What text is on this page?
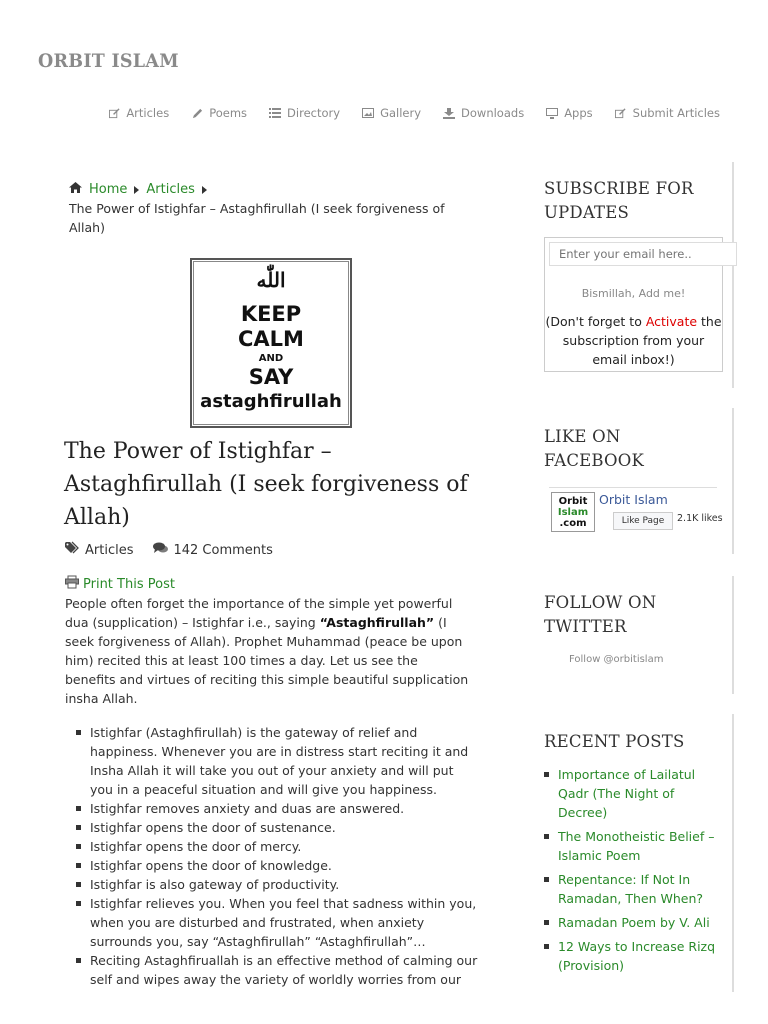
ORBIT ISLAM
Articles	Poems	Directory	Gallery	Downloads	Apps	Submit Articles
Home Articles
The Power of Istighfar – Astaghfirullah (I seek forgiveness of Allah)
اللّٰه
KEEP
CALM
AND
SAY
astaghfirullah
The Power of Istighfar – Astaghfirullah (I seek forgiveness of Allah)
Articles	142 Comments
Print This Post

People often forget the importance of the simple yet powerful dua (supplication) – Istighfar i.e., saying “Astaghfirullah” (I seek forgiveness of Allah). Prophet Muhammad (peace be upon him) recited this at least 100 times a day. Let us see the benefits and virtues of reciting this simple beautiful supplication insha Allah.

Istighfar (Astaghfirullah) is the gateway of relief and happiness. Whenever you are in distress start reciting it and Insha Allah it will take you out of your anxiety and will put you in a peaceful situation and will give you happiness.
Istighfar removes anxiety and duas are answered.
Istighfar opens the door of sustenance.
Istighfar opens the door of mercy.
Istighfar opens the door of knowledge.
Istighfar is also gateway of productivity.
Istighfar relieves you. When you feel that sadness within you, when you are disturbed and frustrated, when anxiety surrounds you, say “Astaghfirullah” “Astaghfirullah”…
Reciting Astaghfiruallah is an effective method of calming our self and wipes away the variety of worldly worries from our
SUBSCRIBE FOR UPDATES
Enter your email here..
Bismillah, Add me!
(Don't forget to Activate the subscription from your email inbox!)
LIKE ON FACEBOOK
Orbit
Islam
.com
Orbit Islam
Like Page	2.1K likes
FOLLOW ON TWITTER
Follow @orbitislam
RECENT POSTS
Importance of Lailatul Qadr (The Night of Decree)
The Monotheistic Belief – Islamic Poem
Repentance: If Not In Ramadan, Then When?
Ramadan Poem by V. Ali
12 Ways to Increase Rizq (Provision)
